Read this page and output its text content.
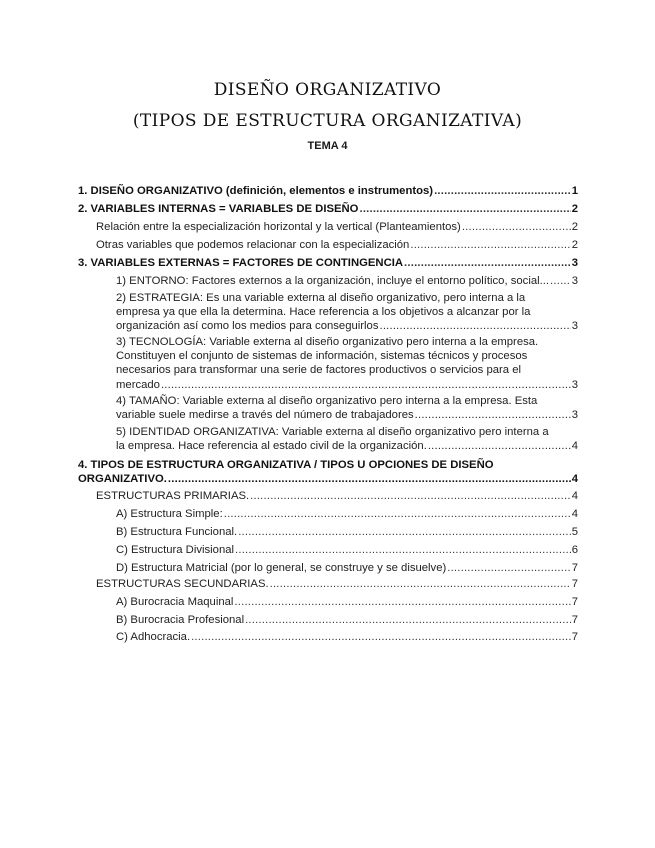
DISEÑO ORGANIZATIVO
(TIPOS DE ESTRUCTURA ORGANIZATIVA)
TEMA 4
1. DISEÑO ORGANIZATIVO (definición, elementos e instrumentos) .....	1
2. VARIABLES INTERNAS = VARIABLES DE DISEÑO .....	2
Relación entre la especialización horizontal y la vertical (Planteamientos) .....	2
Otras variables que podemos relacionar con la especialización .....	2
3. VARIABLES EXTERNAS = FACTORES DE CONTINGENCIA .....	3
1) ENTORNO: Factores externos a la organización, incluye el entorno político, social... ..... 3
2) ESTRATEGIA: Es una variable externa al diseño organizativo, pero interna a la
empresa ya que ella la determina. Hace referencia a los objetivos a alcanzar por la
organización así como los medios para conseguirlos .....	3
3) TECNOLOGÍA: Variable externa al diseño organizativo pero interna a la empresa.
Constituyen el conjunto de sistemas de información, sistemas técnicos y procesos
necesarios para transformar una serie de factores productivos o servicios para el
mercado .....	3
4) TAMAÑO: Variable externa al diseño organizativo pero interna a la empresa. Esta
variable suele medirse a través del número de trabajadores .....	3
5) IDENTIDAD ORGANIZATIVA: Variable externa al diseño organizativo pero interna a
la empresa. Hace referencia al estado civil de la organización. .....	4
4. TIPOS DE ESTRUCTURA ORGANIZATIVA / TIPOS U OPCIONES DE DISEÑO
ORGANIZATIVO. .....	4
ESTRUCTURAS PRIMARIAS. .....	4
A) Estructura Simple: .....	4
B) Estructura Funcional. .....	5
C) Estructura Divisional .....	6
D) Estructura Matricial (por lo general, se construye y se disuelve) .....	7
ESTRUCTURAS SECUNDARIAS. .....	7
A) Burocracia Maquinal .....	7
B) Burocracia Profesional .....	7
C) Adhocracia. .....	7
